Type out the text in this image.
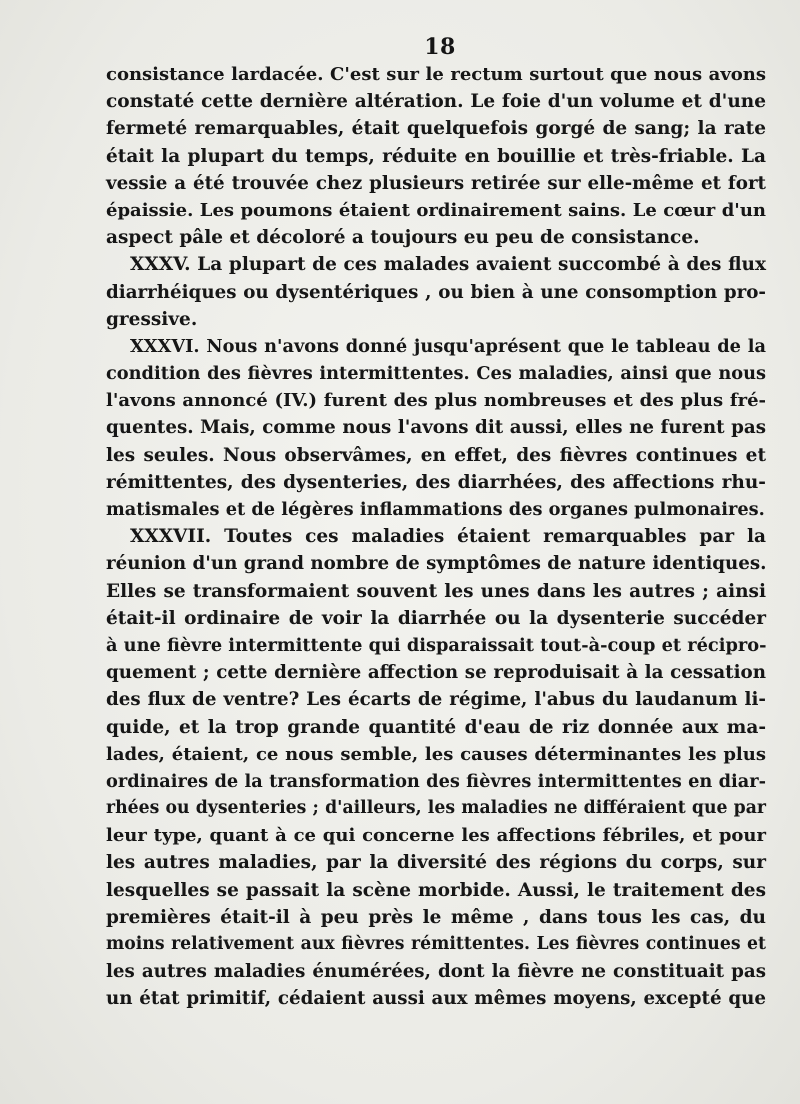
18
consistance lardacée. C'est sur le rectum surtout que nous avons
constaté cette dernière altération. Le foie d'un volume et d'une
fermeté remarquables, était quelquefois gorgé de sang; la rate
était la plupart du temps, réduite en bouillie et très-friable. La
vessie a été trouvée chez plusieurs retirée sur elle-même et fort
épaissie. Les poumons étaient ordinairement sains. Le cœur d'un
aspect pâle et décoloré a toujours eu peu de consistance.
XXXV. La plupart de ces malades avaient succombé à des flux
diarrhéiques ou dysentériques , ou bien à une consomption pro-
gressive.
XXXVI. Nous n'avons donné jusqu'aprésent que le tableau de la
condition des fièvres intermittentes. Ces maladies, ainsi que nous
l'avons annoncé (IV.) furent des plus nombreuses et des plus fré-
quentes. Mais, comme nous l'avons dit aussi, elles ne furent pas
les seules. Nous observâmes, en effet, des fièvres continues et
rémittentes, des dysenteries, des diarrhées, des affections rhu-
matismales et de légères inflammations des organes pulmonaires.
XXXVII. Toutes ces maladies étaient remarquables par la
réunion d'un grand nombre de symptômes de nature identiques.
Elles se transformaient souvent les unes dans les autres ; ainsi
était-il ordinaire de voir la diarrhée ou la dysenterie succéder
à une fièvre intermittente qui disparaissait tout-à-coup et récipro-
quement ; cette dernière affection se reproduisait à la cessation
des flux de ventre? Les écarts de régime, l'abus du laudanum li-
quide, et la trop grande quantité d'eau de riz donnée aux ma-
lades, étaient, ce nous semble, les causes déterminantes les plus
ordinaires de la transformation des fièvres intermittentes en diar-
rhées ou dysenteries ; d'ailleurs, les maladies ne différaient que par
leur type, quant à ce qui concerne les affections fébriles, et pour
les autres maladies, par la diversité des régions du corps, sur
lesquelles se passait la scène morbide. Aussi, le traitement des
premières était-il à peu près le même , dans tous les cas, du
moins relativement aux fièvres rémittentes. Les fièvres continues et
les autres maladies énumérées, dont la fièvre ne constituait pas
un état primitif, cédaient aussi aux mêmes moyens, excepté que
